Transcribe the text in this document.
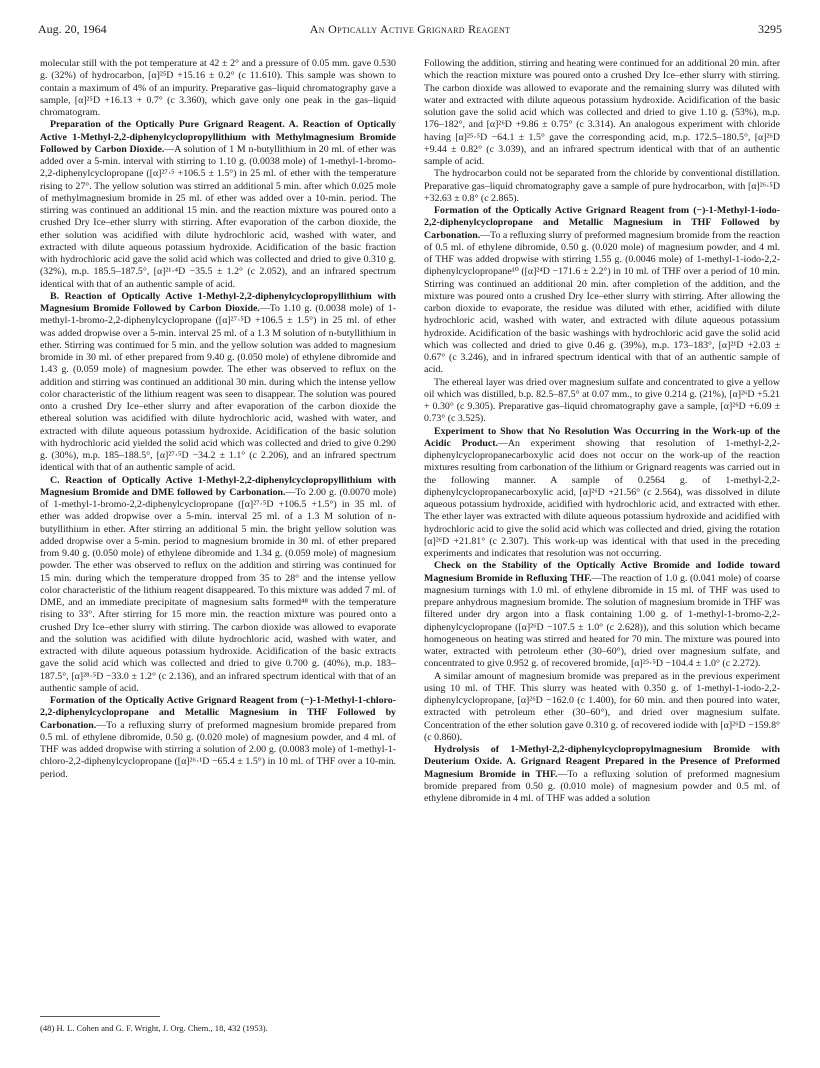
Aug. 20, 1964	An Optically Active Grignard Reagent	3295

molecular still with the pot temperature at 42 ± 2° and a pressure of 0.05 mm. gave 0.530 g. (32%) of hydrocarbon, [α]²⁵D +15.16 ± 0.2° (c 11.610). This sample was shown to contain a maximum of 4% of an impurity. Preparative gas–liquid chromatography gave a sample, [α]²⁵D +16.13 + 0.7° (c 3.360), which gave only one peak in the gas–liquid chromatogram.

Preparation of the Optically Pure Grignard Reagent. A. Reaction of Optically Active 1-Methyl-2,2-diphenylcyclopropyllithium with Methylmagnesium Bromide Followed by Carbon Dioxide.—A solution of 1 M n-butyllithium in 20 ml. of ether was added over a 5-min. interval with stirring to 1.10 g. (0.0038 mole) of 1-methyl-1-bromo-2,2-diphenylcyclopropane ([α]²⁷·⁵ +106.5 ± 1.5°) in 25 ml. of ether with the temperature rising to 27°. The yellow solution was stirred an additional 5 min. after which 0.025 mole of methylmagnesium bromide in 25 ml. of ether was added over a 10-min. period. The stirring was continued an additional 15 min. and the reaction mixture was poured onto a crushed Dry Ice–ether slurry with stirring. After evaporation of the carbon dioxide, the ether solution was acidified with dilute hydrochloric acid, washed with water, and extracted with dilute aqueous potassium hydroxide. Acidification of the basic fraction with hydrochloric acid gave the solid acid which was collected and dried to give 0.310 g. (32%), m.p. 185.5–187.5°, [α]²¹·⁴D −35.5 ± 1.2° (c 2.052), and an infrared spectrum identical with that of an authentic sample of acid.

B. Reaction of Optically Active 1-Methyl-2,2-diphenylcyclopropyllithium with Magnesium Bromide Followed by Carbon Dioxide.—To 1.10 g. (0.0038 mole) of 1-methyl-1-bromo-2,2-diphenylcyclopropane ([α]²⁷·⁵D +106.5 ± 1.5°) in 25 ml. of ether was added dropwise over a 5-min. interval 25 ml. of a 1.3 M solution of n-butyllithium in ether. Stirring was continued for 5 min. and the yellow solution was added to magnesium bromide in 30 ml. of ether prepared from 9.40 g. (0.050 mole) of ethylene dibromide and 1.43 g. (0.059 mole) of magnesium powder. The ether was observed to reflux on the addition and stirring was continued an additional 30 min. during which the intense yellow color characteristic of the lithium reagent was seen to disappear. The solution was poured onto a crushed Dry Ice–ether slurry and after evaporation of the carbon dioxide the ethereal solution was acidified with dilute hydrochloric acid, washed with water, and extracted with dilute aqueous potassium hydroxide. Acidification of the basic solution with hydrochloric acid yielded the solid acid which was collected and dried to give 0.290 g. (30%), m.p. 185–188.5°, [α]²⁷·⁵D −34.2 ± 1.1° (c 2.206), and an infrared spectrum identical with that of an authentic sample of acid.

C. Reaction of Optically Active 1-Methyl-2,2-diphenylcyclopropyllithium with Magnesium Bromide and DME followed by Carbonation.—To 2.00 g. (0.0070 mole) of 1-methyl-1-bromo-2,2-diphenylcyclopropane ([α]²⁷·⁵D +106.5 +1.5°) in 35 ml. of ether was added dropwise over a 5-min. interval 25 ml. of a 1.3 M solution of n-butyllithium in ether. After stirring an additional 5 min. the bright yellow solution was added dropwise over a 5-min. period to magnesium bromide in 30 ml. of ether prepared from 9.40 g. (0.050 mole) of ethylene dibromide and 1.34 g. (0.059 mole) of magnesium powder. The ether was observed to reflux on the addition and stirring was continued for 15 min. during which the temperature dropped from 35 to 28° and the intense yellow color characteristic of the lithium reagent disappeared. To this mixture was added 7 ml. of DME, and an immediate precipitate of magnesium salts formed⁴⁸ with the temperature rising to 33°. After stirring for 15 more min. the reaction mixture was poured onto a crushed Dry Ice–ether slurry with stirring. The carbon dioxide was allowed to evaporate and the solution was acidified with dilute hydrochloric acid, washed with water, and extracted with dilute aqueous potassium hydroxide. Acidification of the basic extracts gave the solid acid which was collected and dried to give 0.700 g. (40%), m.p. 183–187.5°, [α]²⁸·⁵D −33.0 ± 1.2° (c 2.136), and an infrared spectrum identical with that of an authentic sample of acid.

Formation of the Optically Active Grignard Reagent from (−)-1-Methyl-1-chloro-2,2-diphenylcyclopropane and Metallic Magnesium in THF Followed by Carbonation.—To a refluxing slurry of preformed magnesium bromide prepared from 0.5 ml. of ethylene dibromide, 0.50 g. (0.020 mole) of magnesium powder, and 4 ml. of THF was added dropwise with stirring a solution of 2.00 g. (0.0083 mole) of 1-methyl-1-chloro-2,2-diphenylcyclopropane ([α]²⁶·¹D −65.4 ± 1.5°) in 10 ml. of THF over a 10-min. period.

Following the addition, stirring and heating were continued for an additional 20 min. after which the reaction mixture was poured onto a crushed Dry Ice–ether slurry with stirring. The carbon dioxide was allowed to evaporate and the remaining slurry was diluted with water and extracted with dilute aqueous potassium hydroxide. Acidification of the basic solution gave the solid acid which was collected and dried to give 1.10 g. (53%), m.p. 176–182°, and [α]²⁶D +9.86 ± 0.75° (c 3.314). An analogous experiment with chloride having [α]²⁵·⁵D −64.1 ± 1.5° gave the corresponding acid, m.p. 172.5–180.5°, [α]²⁶D +9.44 ± 0.82° (c 3.039), and an infrared spectrum identical with that of an authentic sample of acid.

The hydrocarbon could not be separated from the chloride by conventional distillation. Preparative gas–liquid chromatography gave a sample of pure hydrocarbon, with [α]²⁶·⁵D +32.63 ± 0.8° (c 2.865).

Formation of the Optically Active Grignard Reagent from (−)-1-Methyl-1-iodo-2,2-diphenylcyclopropane and Metallic Magnesium in THF Followed by Carbonation.—To a refluxing slurry of preformed magnesium bromide from the reaction of 0.5 ml. of ethylene dibromide, 0.50 g. (0.020 mole) of magnesium powder, and 4 ml. of THF was added dropwise with stirring 1.55 g. (0.0046 mole) of 1-methyl-1-iodo-2,2-diphenylcyclopropane¹⁰ ([α]²⁴D −171.6 ± 2.2°) in 10 ml. of THF over a period of 10 min. Stirring was continued an additional 20 min. after completion of the addition, and the mixture was poured onto a crushed Dry Ice–ether slurry with stirring. After allowing the carbon dioxide to evaporate, the residue was diluted with ether, acidified with dilute hydrochloric acid, washed with water, and extracted with dilute aqueous potassium hydroxide. Acidification of the basic washings with hydrochloric acid gave the solid acid which was collected and dried to give 0.46 g. (39%), m.p. 173–183°, [α]²¹D +2.03 ± 0.67° (c 3.246), and in infrared spectrum identical with that of an authentic sample of acid.

The ethereal layer was dried over magnesium sulfate and concentrated to give a yellow oil which was distilled, b.p. 82.5–87.5° at 0.07 mm., to give 0.214 g. (21%), [α]²⁶D +5.21 + 0.30° (c 9.305). Preparative gas–liquid chromatography gave a sample, [α]²⁶D +6.09 ± 0.73° (c 3.525).

Experiment to Show that No Resolution Was Occurring in the Work-up of the Acidic Product.—An experiment showing that resolution of 1-methyl-2,2-diphenylcyclopropanecarboxylic acid does not occur on the work-up of the reaction mixtures resulting from carbonation of the lithium or Grignard reagents was carried out in the following manner. A sample of 0.2564 g. of 1-methyl-2,2-diphenylcyclopropanecarboxylic acid, [α]²⁶D +21.56° (c 2.564), was dissolved in dilute aqueous potassium hydroxide, acidified with hydrochloric acid, and extracted with ether. The ether layer was extracted with dilute aqueous potassium hydroxide and acidified with hydrochloric acid to give the solid acid which was collected and dried, giving the rotation [α]²⁶D +21.81° (c 2.307). This work-up was identical with that used in the preceding experiments and indicates that resolution was not occurring.

Check on the Stability of the Optically Active Bromide and Iodide toward Magnesium Bromide in Refluxing THF.—The reaction of 1.0 g. (0.041 mole) of coarse magnesium turnings with 1.0 ml. of ethylene dibromide in 15 ml. of THF was used to prepare anhydrous magnesium bromide. The solution of magnesium bromide in THF was filtered under dry argon into a flask containing 1.00 g. of 1-methyl-1-bromo-2,2-diphenylcyclopropane ([α]²⁶D −107.5 ± 1.0° (c 2.628)), and this solution which became homogeneous on heating was stirred and heated for 70 min. The mixture was poured into water, extracted with petroleum ether (30–60°), dried over magnesium sulfate, and concentrated to give 0.952 g. of recovered bromide, [α]²⁵·⁵D −104.4 ± 1.0° (c 2.272).

A similar amount of magnesium bromide was prepared as in the previous experiment using 10 ml. of THF. This slurry was heated with 0.350 g. of 1-methyl-1-iodo-2,2-diphenylcyclopropane, [α]²⁶D −162.0 (c 1.400), for 60 min. and then poured into water, extracted with petroleum ether (30–60°), and dried over magnesium sulfate. Concentration of the ether solution gave 0.310 g. of recovered iodide with [α]²⁶D −159.8° (c 0.860).

Hydrolysis of 1-Methyl-2,2-diphenylcyclopropylmagnesium Bromide with Deuterium Oxide. A. Grignard Reagent Prepared in the Presence of Preformed Magnesium Bromide in THF.—To a refluxing solution of preformed magnesium bromide prepared from 0.50 g. (0.010 mole) of magnesium powder and 0.5 ml. of ethylene dibromide in 4 ml. of THF was added a solution

(48) H. L. Cohen and G. F. Wright, J. Org. Chem., 18, 432 (1953).
